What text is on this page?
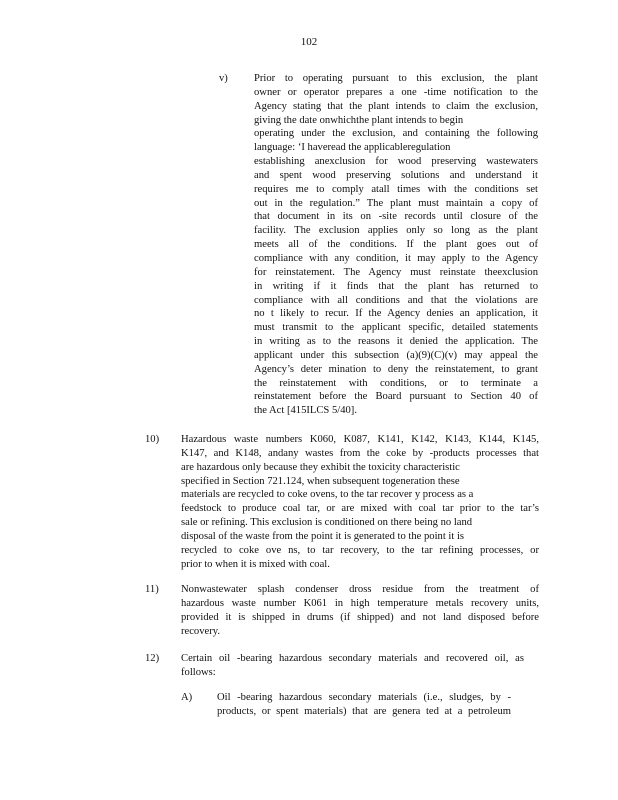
102
v) Prior to operating pursuant to this exclusion, the plant
owner or operator prepares a one -time notification to the
Agency stating that the plant intends to claim the exclusion,
giving the date onwhichthe plant intends to begin
operating under the exclusion, and containing the following
language: ‘I haveread the applicableregulation
establishing anexclusion for wood preserving wastewaters
and spent wood preserving solutions and understand it
requires me to comply atall times with the conditions set
out in the regulation.” The plant must maintain a copy of
that document in its on -site records until closure of the
facility. The exclusion applies only so long as the plant
meets all of the conditions. If the plant goes out of
compliance with any condition, it may apply to the Agency
for reinstatement. The Agency must reinstate theexclusion
in writing if it finds that the plant has returned to
compliance with all conditions and that the violations are
no t likely to recur. If the Agency denies an application, it
must transmit to the applicant specific, detailed statements
in writing as to the reasons it denied the application. The
applicant under this subsection (a)(9)(C)(v) may appeal the
Agency’s deter mination to deny the reinstatement, to grant
the reinstatement with conditions, or to terminate a
reinstatement before the Board pursuant to Section 40 of
the Act [415ILCS 5/40].
10) Hazardous waste numbers K060, K087, K141, K142, K143, K144, K145,
K147, and K148, andany wastes from the coke by -products processes that
are hazardous only because they exhibit the toxicity characteristic
specified in Section 721.124, when subsequent togeneration these
materials are recycled to coke ovens, to the tar recover y process as a
feedstock to produce coal tar, or are mixed with coal tar prior to the tar’s
sale or refining. This exclusion is conditioned on there being no land
disposal of the waste from the point it is generated to the point it is
recycled to coke ove ns, to tar recovery, to the tar refining processes, or
prior to when it is mixed with coal.
11) Nonwastewater splash condenser dross residue from the treatment of
hazardous waste number K061 in high temperature metals recovery units,
provided it is shipped in drums (if shipped) and not land disposed before
recovery.
12) Certain oil -bearing hazardous secondary materials and recovered oil, as
follows:
A) Oil -bearing hazardous secondary materials (i.e., sludges, by -
products, or spent materials) that are genera ted at a petroleum
